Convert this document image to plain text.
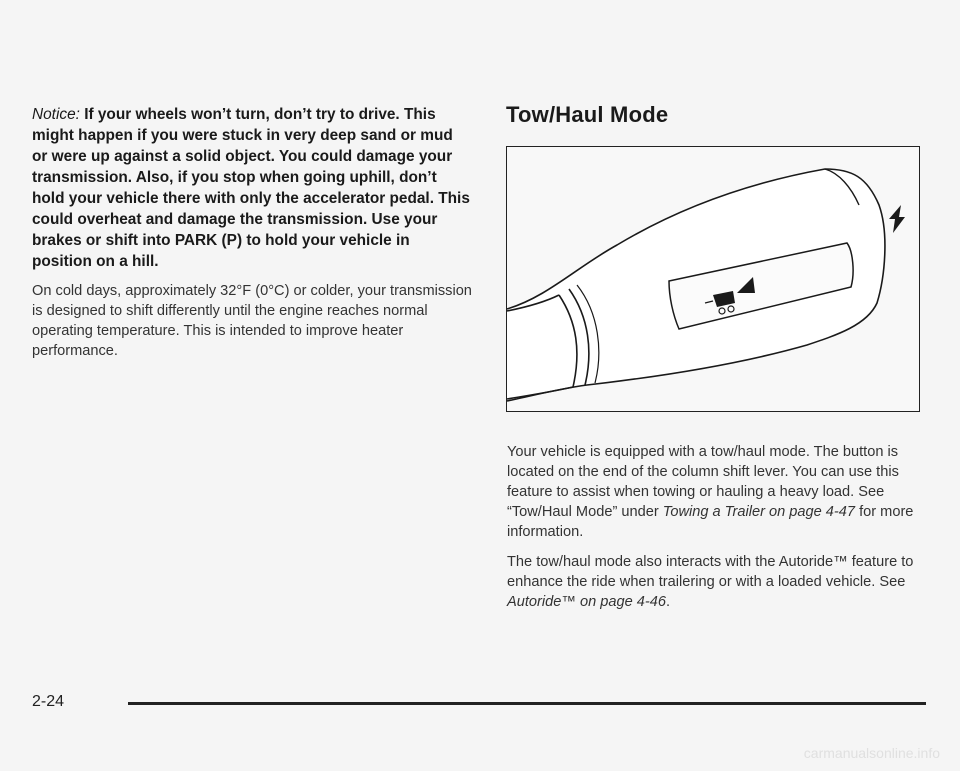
Notice: If your wheels won’t turn, don’t try to drive. This might happen if you were stuck in very deep sand or mud or were up against a solid object. You could damage your transmission. Also, if you stop when going uphill, don’t hold your vehicle there with only the accelerator pedal. This could overheat and damage the transmission. Use your brakes or shift into PARK (P) to hold your vehicle in position on a hill.

On cold days, approximately 32°F (0°C) or colder, your transmission is designed to shift differently until the engine reaches normal operating temperature. This is intended to improve heater performance.

Tow/Haul Mode

Your vehicle is equipped with a tow/haul mode. The button is located on the end of the column shift lever. You can use this feature to assist when towing or hauling a heavy load. See “Tow/Haul Mode” under Towing a Trailer on page 4-47 for more information.

The tow/haul mode also interacts with the Autoride™ feature to enhance the ride when trailering or with a loaded vehicle. See Autoride™ on page 4-46.

2-24
carmanualsonline.info
